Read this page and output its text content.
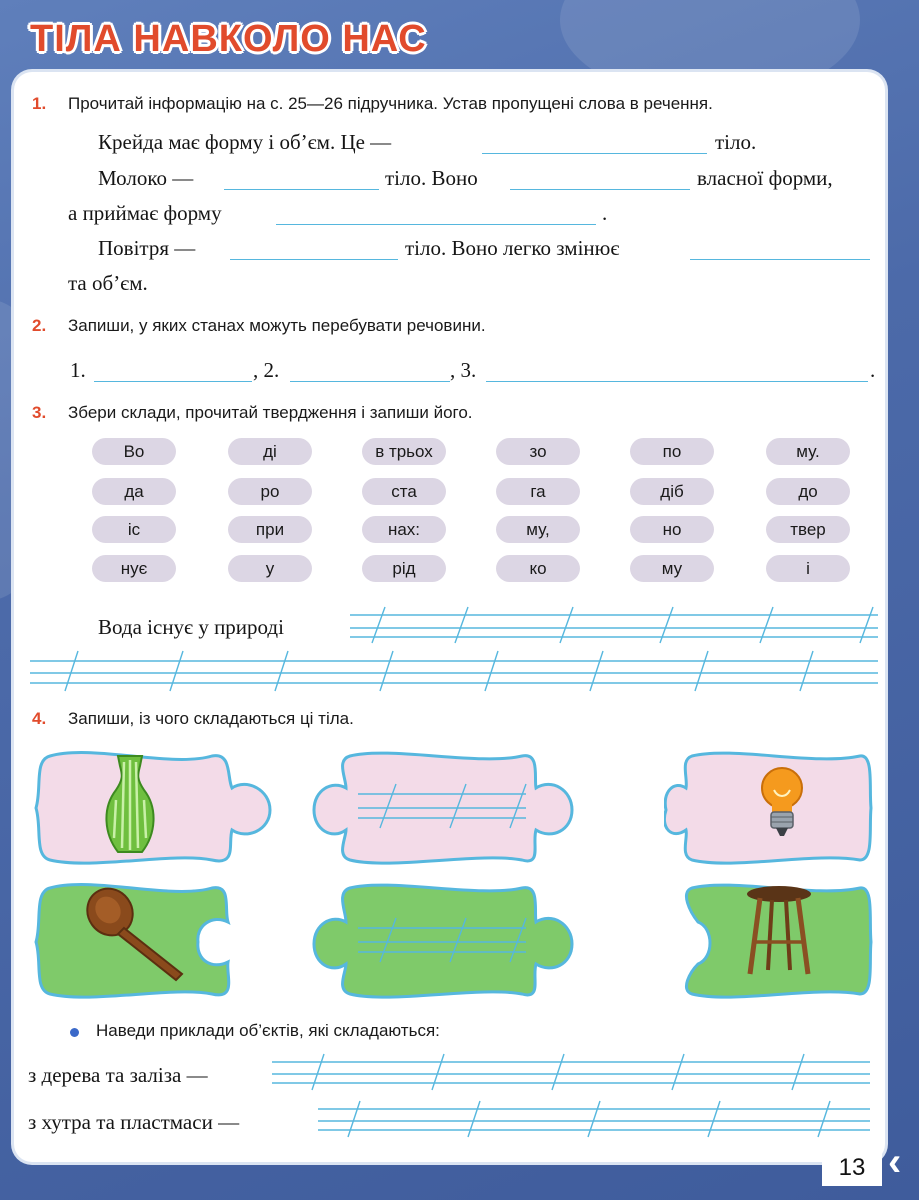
ТІЛА НАВКОЛО НАС
1. Прочитай інформацію на с. 25—26 підручника. Устав пропущені слова в речення.
Крейда має форму і об’єм. Це —	тіло.
Молоко —	тіло. Воно	власної форми,
а приймає форму	.
Повітря —	тіло. Воно легко змінює
та об’єм.
2. Запиши, у яких станах можуть перебувати речовини.
1.	, 2.	, 3.	.
3. Збери склади, прочитай твердження і запиши його.
Во	ді	в трьох	зо	по	му.
да	ро	ста	га	діб	до
іс	при	нах:	му,	но	твер
нує	у	рід	ко	му	і
Вода існує у природі
4. Запиши, із чого складаються ці тіла.
Наведи приклади об’єктів, які складаються:
з дерева та заліза —
з хутра та пластмаси —
13 ‹
